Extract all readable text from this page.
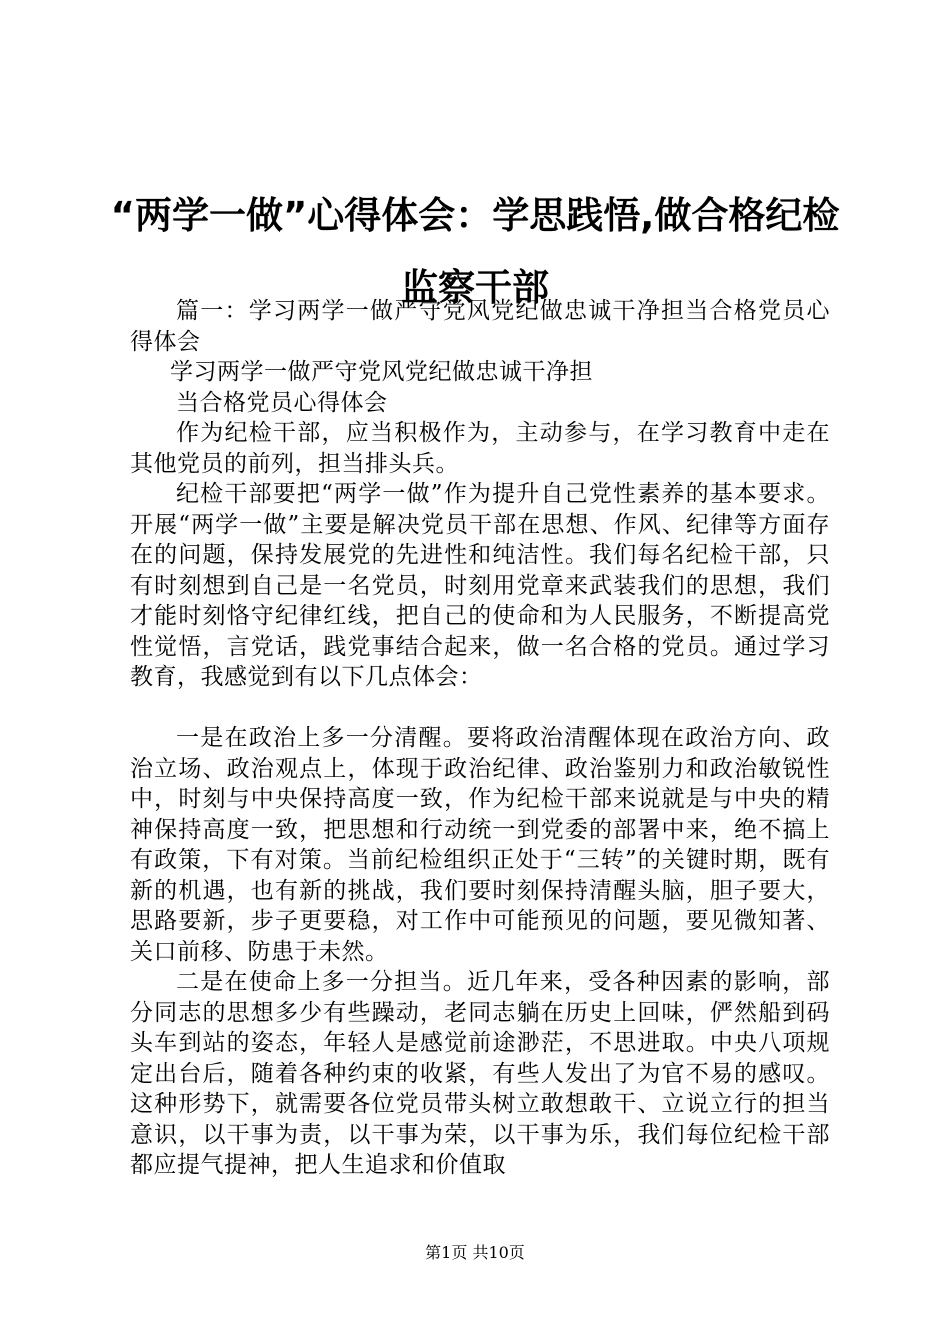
“两学一做”心得体会：学思践悟,做合格纪检监察干部

篇一：学习两学一做严守党风党纪做忠诚干净担当合格党员心得体会

学习两学一做严守党风党纪做忠诚干净担

当合格党员心得体会

作为纪检干部，应当积极作为，主动参与，在学习教育中走在其他党员的前列，担当排头兵。

纪检干部要把“两学一做”作为提升自己党性素养的基本要求。开展“两学一做”主要是解决党员干部在思想、作风、纪律等方面存在的问题，保持发展党的先进性和纯洁性。我们每名纪检干部，只有时刻想到自己是一名党员，时刻用党章来武装我们的思想，我们才能时刻恪守纪律红线，把自己的使命和为人民服务，不断提高党性觉悟，言党话，践党事结合起来，做一名合格的党员。通过学习教育，我感觉到有以下几点体会：

一是在政治上多一分清醒。要将政治清醒体现在政治方向、政治立场、政治观点上，体现于政治纪律、政治鉴别力和政治敏锐性中，时刻与中央保持高度一致，作为纪检干部来说就是与中央的精神保持高度一致，把思想和行动统一到党委的部署中来，绝不搞上有政策，下有对策。当前纪检组织正处于“三转”的关键时期，既有新的机遇，也有新的挑战，我们要时刻保持清醒头脑，胆子要大，思路要新，步子更要稳，对工作中可能预见的问题，要见微知著、关口前移、防患于未然。

二是在使命上多一分担当。近几年来，受各种因素的影响，部分同志的思想多少有些躁动，老同志躺在历史上回味，俨然船到码头车到站的姿态，年轻人是感觉前途渺茫，不思进取。中央八项规定出台后，随着各种约束的收紧，有些人发出了为官不易的感叹。这种形势下，就需要各位党员带头树立敢想敢干、立说立行的担当意识，以干事为责，以干事为荣，以干事为乐，我们每位纪检干部都应提气提神，把人生追求和价值取

第1页 共10页
